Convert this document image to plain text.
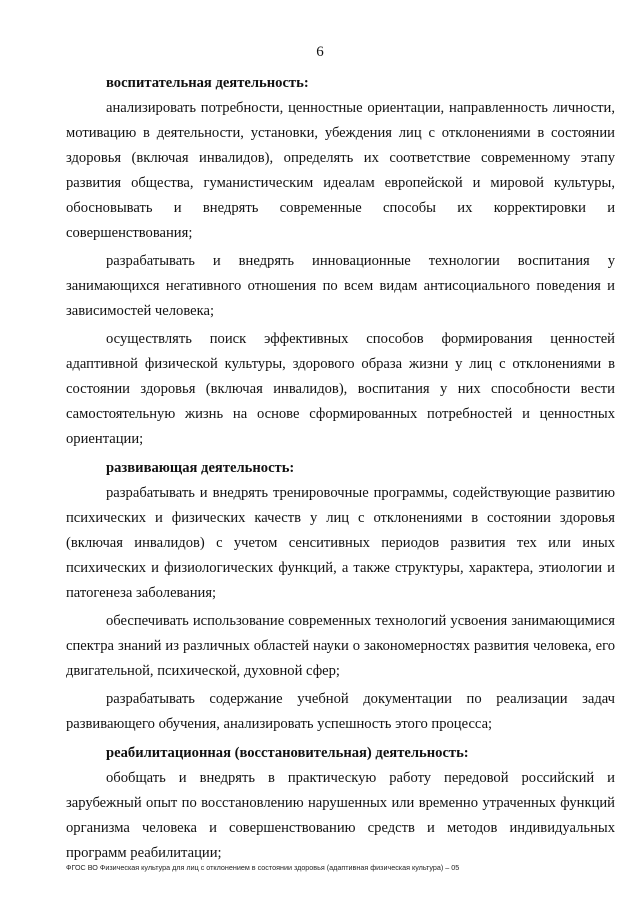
6
воспитательная деятельность:

анализировать потребности, ценностные ориентации, направленность личности, мотивацию в деятельности, установки, убеждения лиц с отклонениями в состоянии здоровья (включая инвалидов), определять их соответствие современному этапу развития общества, гуманистическим идеалам европейской и мировой культуры, обосновывать и внедрять современные способы их корректировки и совершенствования;

разрабатывать и внедрять инновационные технологии воспитания у занимающихся негативного отношения по всем видам антисоциального поведения и зависимостей человека;

осуществлять поиск эффективных способов формирования ценностей адаптивной физической культуры, здорового образа жизни у лиц с отклонениями в состоянии здоровья (включая инвалидов), воспитания у них способности вести самостоятельную жизнь на основе сформированных потребностей и ценностных ориентации;

развивающая деятельность:

разрабатывать и внедрять тренировочные программы, содействующие развитию психических и физических качеств у лиц с отклонениями в состоянии здоровья (включая инвалидов) с учетом сенситивных периодов развития тех или иных психических и физиологических функций, а также структуры, характера, этиологии и патогенеза заболевания;

обеспечивать использование современных технологий усвоения занимающимися спектра знаний из различных областей науки о закономерностях развития человека, его двигательной, психической, духовной сфер;

разрабатывать содержание учебной документации по реализации задач развивающего обучения, анализировать успешность этого процесса;

реабилитационная (восстановительная) деятельность:

обобщать и внедрять в практическую работу передовой российский и зарубежный опыт по восстановлению нарушенных или временно утраченных функций организма человека и совершенствованию средств и методов индивидуальных программ реабилитации;

ФГОС ВО Физическая культура для лиц с отклонением в состоянии здоровья (адаптивная физическая культура) – 05
